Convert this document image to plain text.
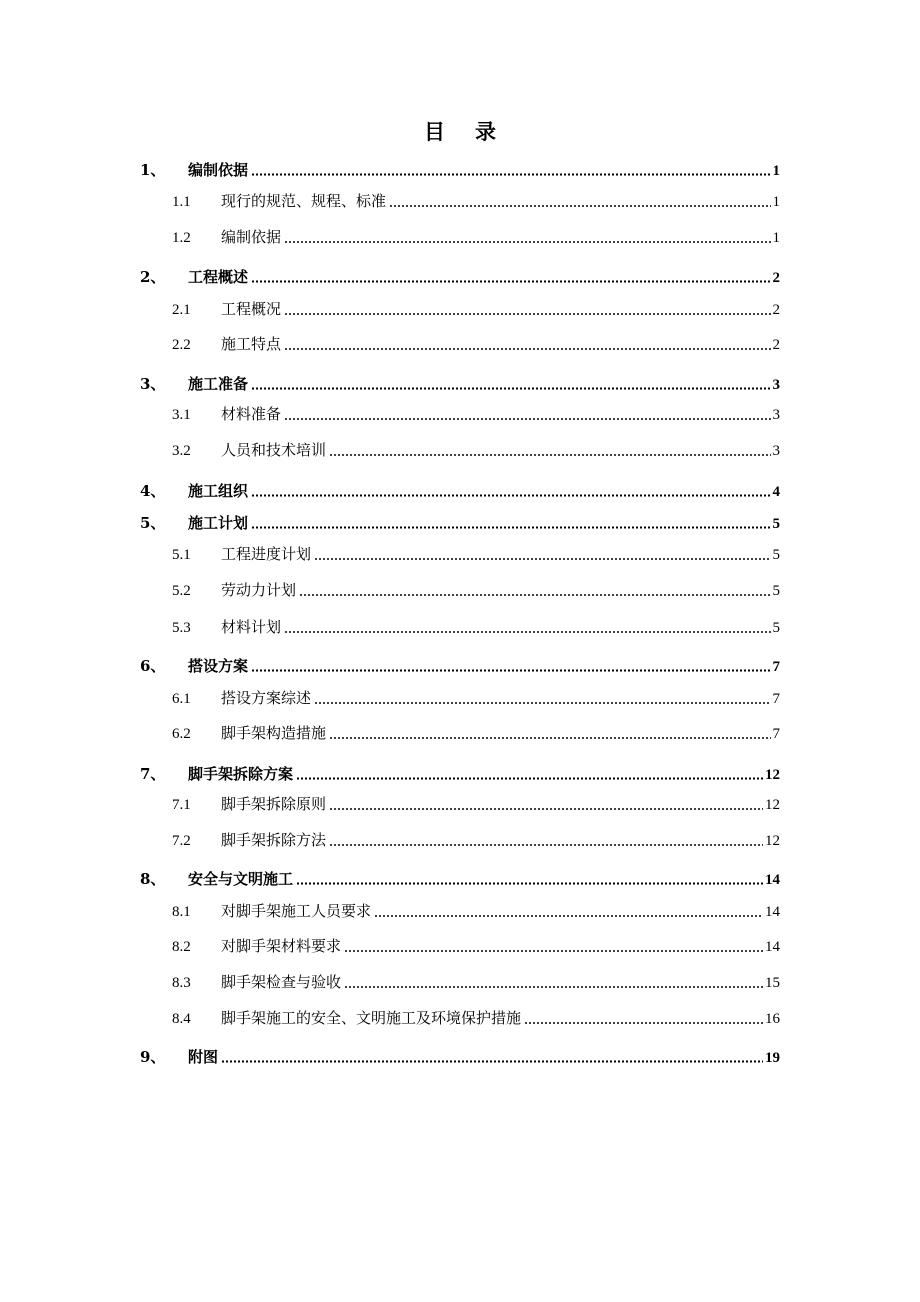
目 录
1、	编制依据	1
1.1	现行的规范、规程、标准	1
1.2	编制依据	1
2、	工程概述	2
2.1	工程概况	2
2.2	施工特点	2
3、	施工准备	3
3.1	材料准备	3
3.2	人员和技术培训	3
4、	施工组织	4
5、	施工计划	5
5.1	工程进度计划	5
5.2	劳动力计划	5
5.3	材料计划	5
6、	搭设方案	7
6.1	搭设方案综述	7
6.2	脚手架构造措施	7
7、	脚手架拆除方案	12
7.1	脚手架拆除原则	12
7.2	脚手架拆除方法	12
8、	安全与文明施工	14
8.1	对脚手架施工人员要求	14
8.2	对脚手架材料要求	14
8.3	脚手架检查与验收	15
8.4	脚手架施工的安全、文明施工及环境保护措施	16
9、	附图	19
